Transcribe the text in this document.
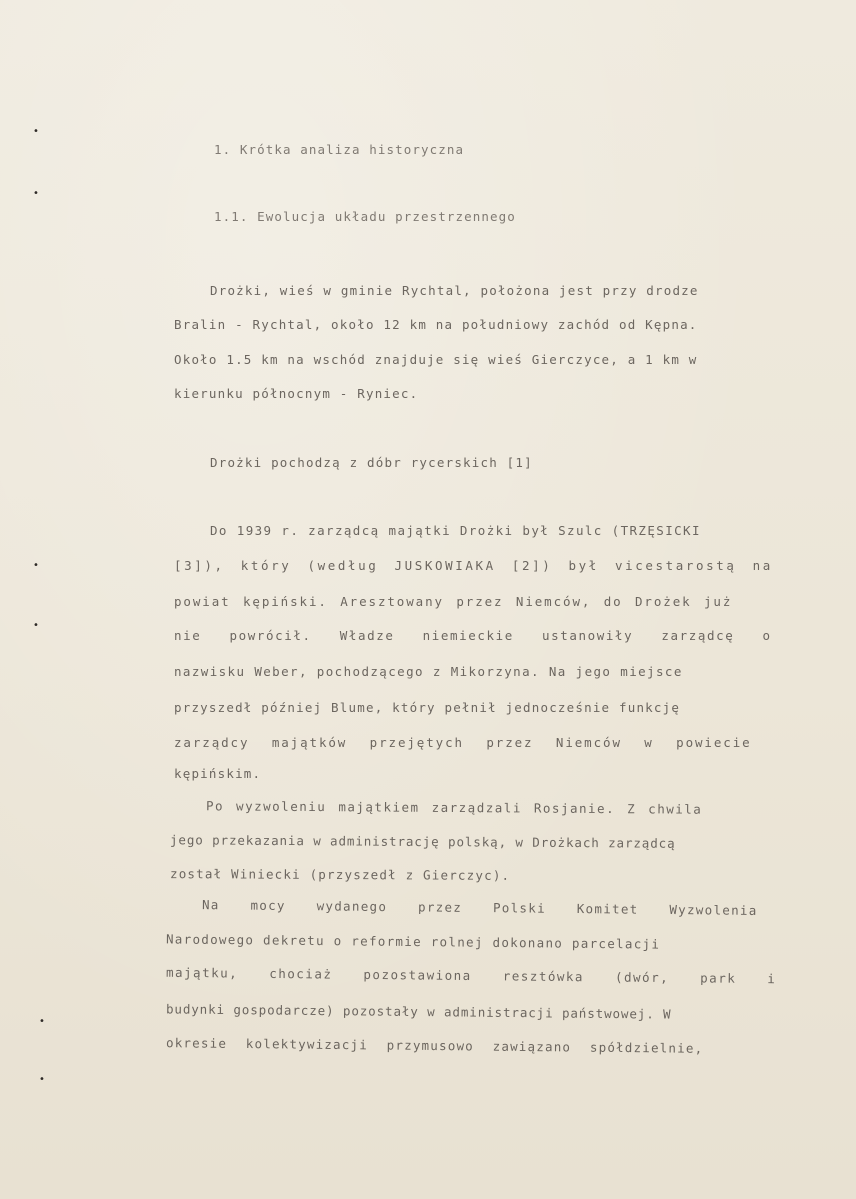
1. Krótka analiza historyczna
1.1. Ewolucja układu przestrzennego
Drożki, wieś w gminie Rychtal, położona jest przy drodze
Bralin - Rychtal, około 12 km na południowy zachód od Kępna.
Około 1.5 km na wschód znajduje się wieś Gierczyce, a 1 km w
kierunku północnym - Ryniec.
Drożki pochodzą z dóbr rycerskich [1]
Do 1939 r. zarządcą majątki Drożki był Szulc (TRZĘSICKI
[3]), który (według JUSKOWIAKA [2]) był vicestarostą na
powiat kępiński. Aresztowany przez Niemców, do Drożek już
nie powrócił. Władze niemieckie ustanowiły zarządcę o
nazwisku Weber, pochodzącego z Mikorzyna. Na jego miejsce
przyszedł później Blume, który pełnił jednocześnie funkcję
zarządcy majątków przejętych przez Niemców w powiecie
kępińskim.
Po wyzwoleniu majątkiem zarządzali Rosjanie. Z chwila
jego przekazania w administrację polską, w Drożkach zarządcą
został Winiecki (przyszedł z Gierczyc).
Na mocy wydanego przez Polski Komitet Wyzwolenia
Narodowego dekretu o reformie rolnej dokonano parcelacji
majątku, chociaż pozostawiona resztówka (dwór, park i
budynki gospodarcze) pozostały w administracji państwowej. W
okresie kolektywizacji przymusowo zawiązano spółdzielnie,
•
•
•
•
•
•
